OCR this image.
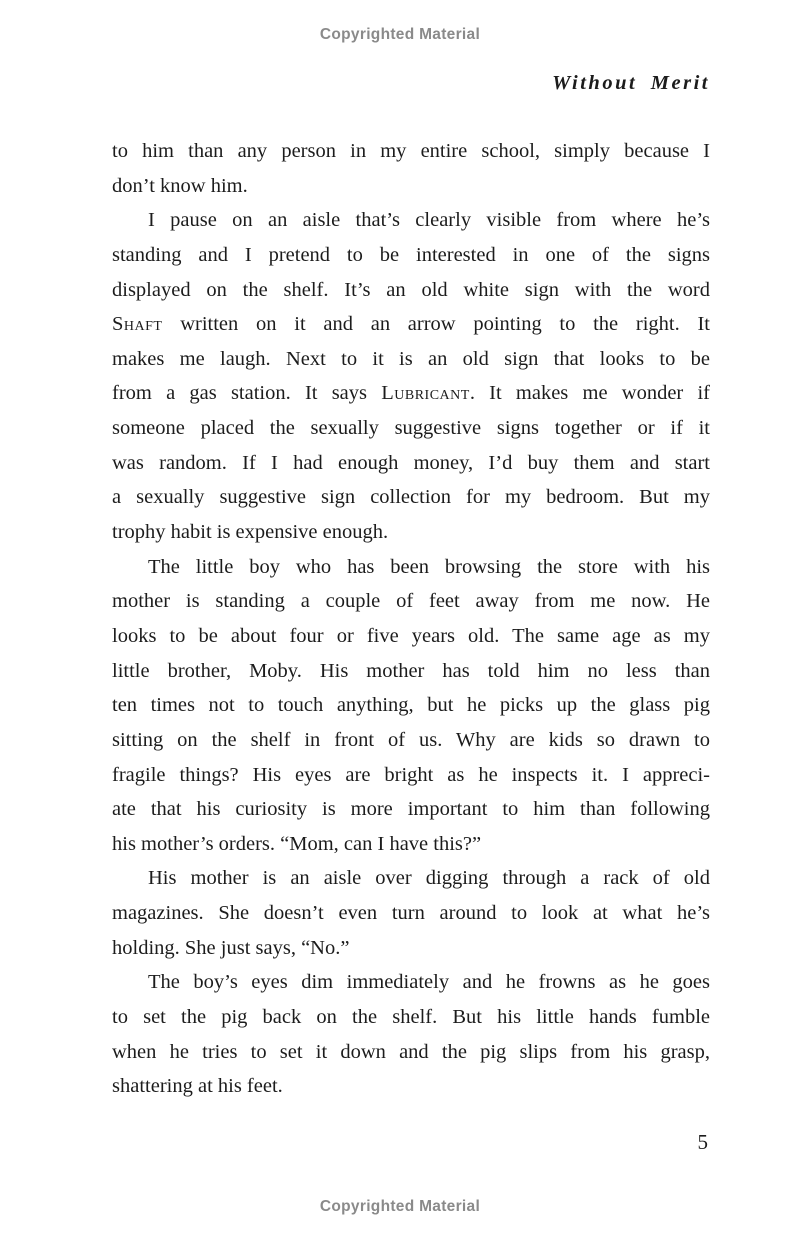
Copyrighted Material
Without Merit
to him than any person in my entire school, simply because I
don’t know him.
I pause on an aisle that’s clearly visible from where he’s
standing and I pretend to be interested in one of the signs
displayed on the shelf. It’s an old white sign with the word
Shaft written on it and an arrow pointing to the right. It
makes me laugh. Next to it is an old sign that looks to be
from a gas station. It says Lubricant. It makes me wonder if
someone placed the sexually suggestive signs together or if it
was random. If I had enough money, I’d buy them and start
a sexually suggestive sign collection for my bedroom. But my
trophy habit is expensive enough.
The little boy who has been browsing the store with his
mother is standing a couple of feet away from me now. He
looks to be about four or five years old. The same age as my
little brother, Moby. His mother has told him no less than
ten times not to touch anything, but he picks up the glass pig
sitting on the shelf in front of us. Why are kids so drawn to
fragile things? His eyes are bright as he inspects it. I appreci-
ate that his curiosity is more important to him than following
his mother’s orders. “Mom, can I have this?”
His mother is an aisle over digging through a rack of old
magazines. She doesn’t even turn around to look at what he’s
holding. She just says, “No.”
The boy’s eyes dim immediately and he frowns as he goes
to set the pig back on the shelf. But his little hands fumble
when he tries to set it down and the pig slips from his grasp,
shattering at his feet.
5
Copyrighted Material
